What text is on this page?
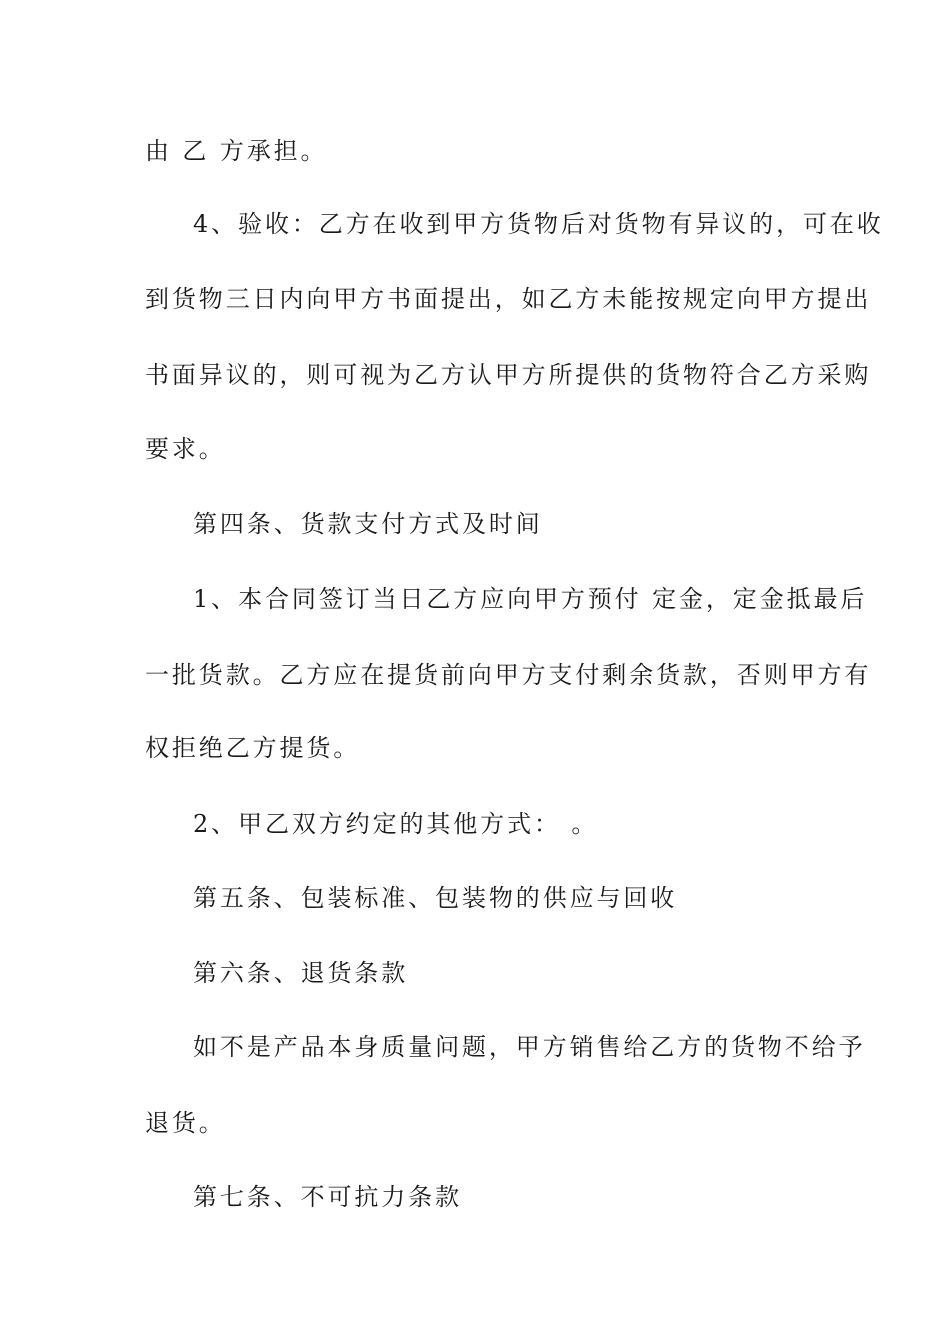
由 乙 方承担。
4、验收：乙方在收到甲方货物后对货物有异议的，可在收
到货物三日内向甲方书面提出，如乙方未能按规定向甲方提出
书面异议的，则可视为乙方认甲方所提供的货物符合乙方采购
要求。
第四条、货款支付方式及时间
1、本合同签订当日乙方应向甲方预付 定金，定金抵最后
一批货款。乙方应在提货前向甲方支付剩余货款，否则甲方有
权拒绝乙方提货。
2、甲乙双方约定的其他方式： 。
第五条、包装标准、包装物的供应与回收
第六条、退货条款
如不是产品本身质量问题，甲方销售给乙方的货物不给予
退货。
第七条、不可抗力条款
